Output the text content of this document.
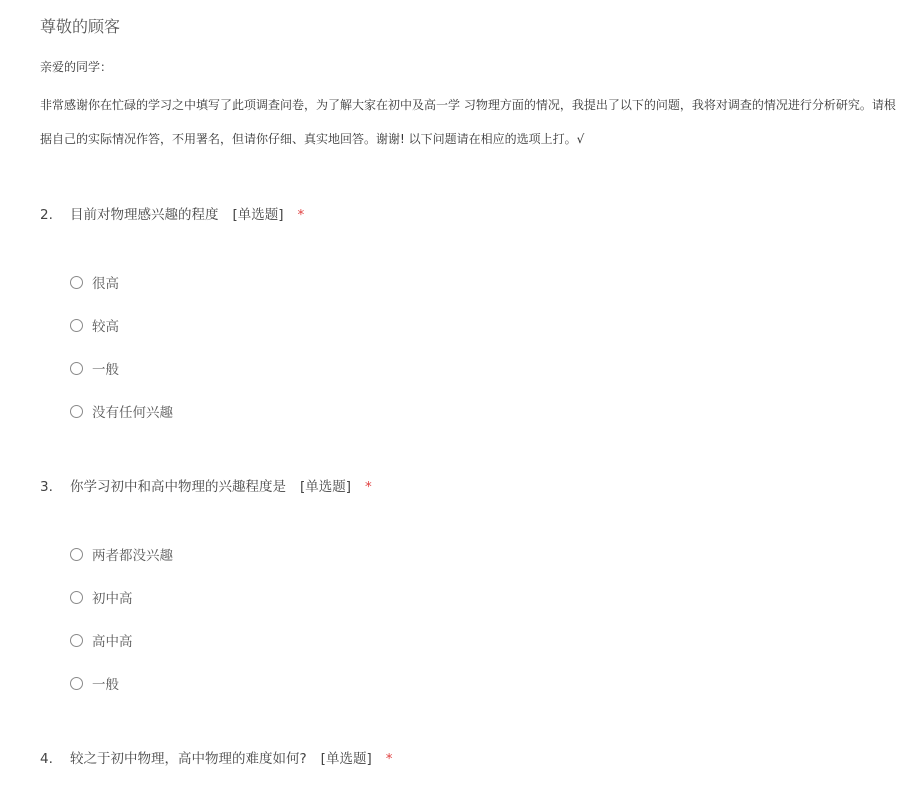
尊敬的顾客
亲爱的同学：
非常感谢你在忙碌的学习之中填写了此项调查问卷，为了解大家在初中及高一学 习物理方面的情况，我提出了以下的问题，我将对调查的情况进行分析研究。请根据自己的实际情况作答，不用署名，但请你仔细、真实地回答。谢谢! 以下问题请在相应的选项上打。√
2. 目前对物理感兴趣的程度 [单选题] *
很高
较高
一般
没有任何兴趣
3. 你学习初中和高中物理的兴趣程度是 [单选题] *
两者都没兴趣
初中高
高中高
一般
4. 较之于初中物理，高中物理的难度如何? [单选题] *
